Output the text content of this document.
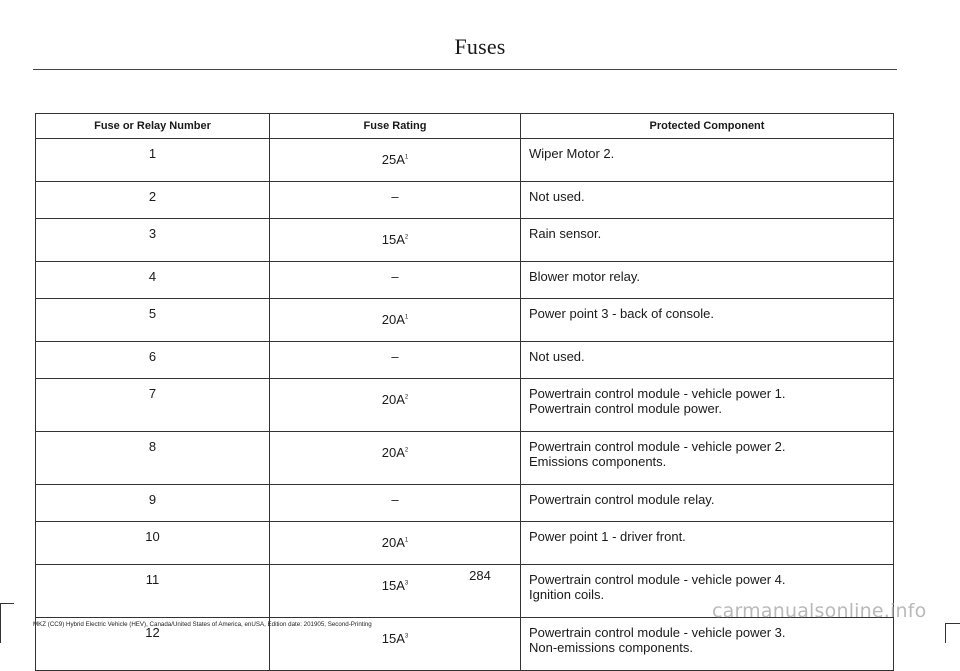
Fuses
Fuse or Relay Number	Fuse Rating	Protected Component
1	$25A^1$	Wiper Motor 2.

2	–	Not used.

3	$15A^2$	Rain sensor.

4	–	Blower motor relay.

5	$20A^1$	Power point 3 - back of console.

6	–	Not used.

7	$20A^2$	Powertrain control module - vehicle power 1.
Powertrain control module power.

8	$20A^2$	Powertrain control module - vehicle power 2.
Emissions components.

9	–	Powertrain control module relay.

10	$20A^1$	Power point 1 - driver front.

11	$15A^3$	Powertrain control module - vehicle power 4.
Ignition coils.

12	$15A^3$	Powertrain control module - vehicle power 3.
Non-emissions components.
284
MKZ (CC9) Hybrid Electric Vehicle (HEV), Canada/United States of America, enUSA, Edition date: 201905, Second-Printing
carmanualsonline.info
